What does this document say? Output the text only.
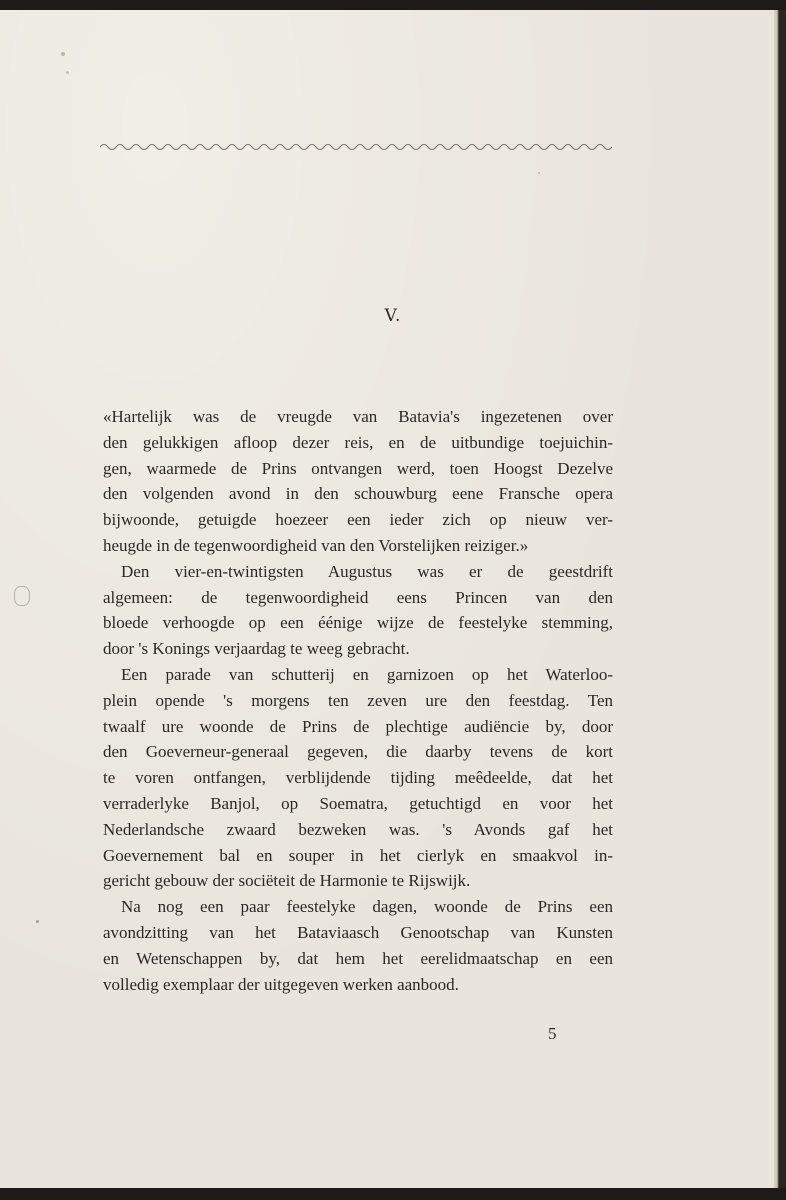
V.
«Hartelijk was de vreugde van Batavia's ingezetenen over
den gelukkigen afloop dezer reis, en de uitbundige toejuichin-
gen, waarmede de Prins ontvangen werd, toen Hoogst Dezelve
den volgenden avond in den schouwburg eene Fransche opera
bijwoonde, getuigde hoezeer een ieder zich op nieuw ver-
heugde in de tegenwoordigheid van den Vorstelijken reiziger.»
Den vier-en-twintigsten Augustus was er de geestdrift
algemeen: de tegenwoordigheid eens Princen van den
bloede verhoogde op een éénige wijze de feestelyke stemming,
door 's Konings verjaardag te weeg gebracht.
Een parade van schutterij en garnizoen op het Waterloo-
plein opende 's morgens ten zeven ure den feestdag. Ten
twaalf ure woonde de Prins de plechtige audiëncie by, door
den Goeverneur-generaal gegeven, die daarby tevens de kort
te voren ontfangen, verblijdende tijding meêdeelde, dat het
verraderlyke Banjol, op Soematra, getuchtigd en voor het
Nederlandsche zwaard bezweken was. 's Avonds gaf het
Goevernement bal en souper in het cierlyk en smaakvol in-
gericht gebouw der sociëteit de Harmonie te Rijswijk.
Na nog een paar feestelyke dagen, woonde de Prins een
avondzitting van het Bataviaasch Genootschap van Kunsten
en Wetenschappen by, dat hem het eerelidmaatschap en een
volledig exemplaar der uitgegeven werken aanbood.
5
